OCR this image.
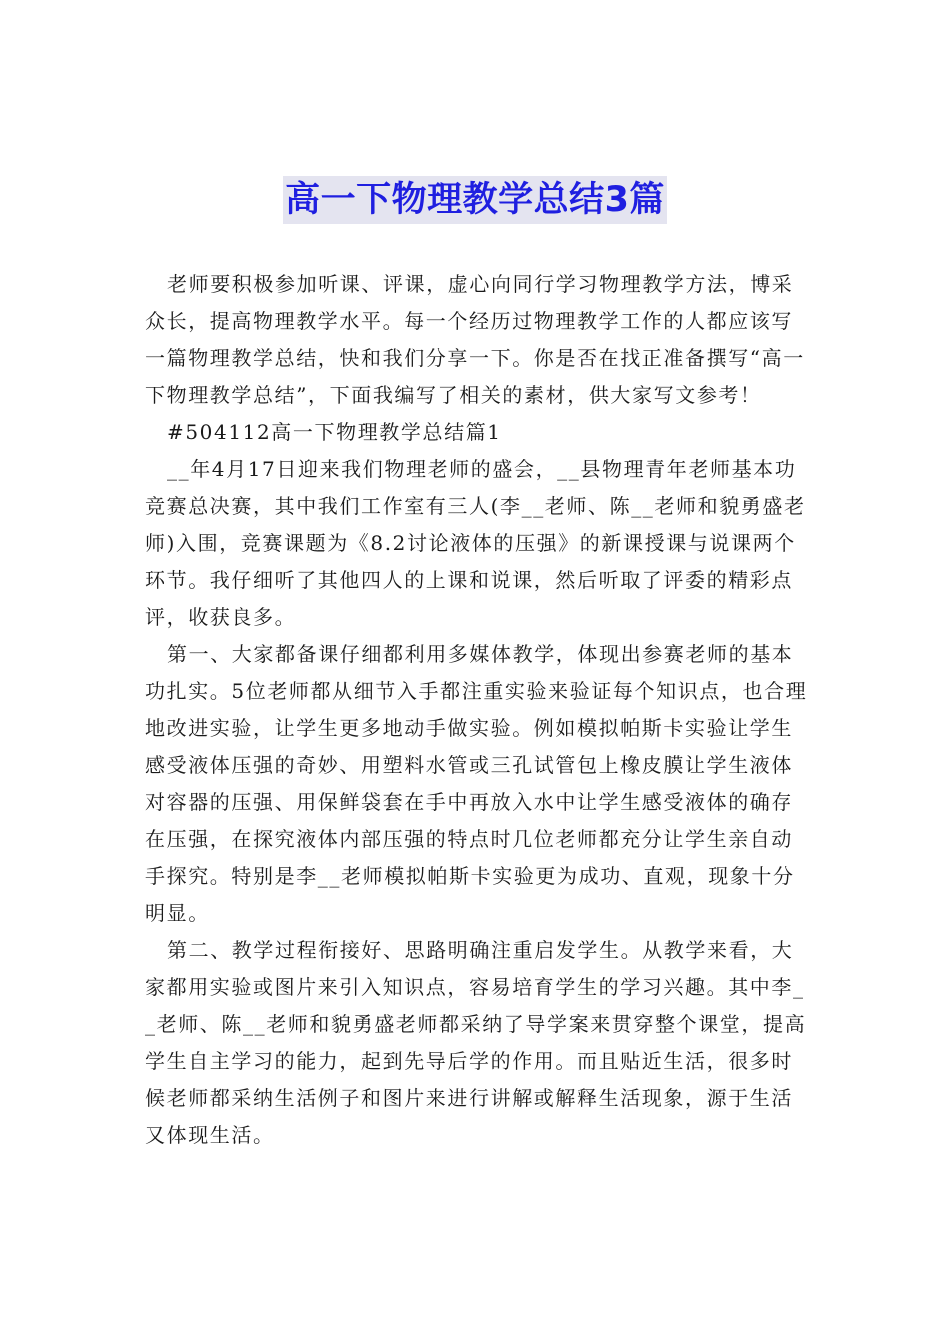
高一下物理教学总结3篇

老师要积极参加听课、评课，虚心向同行学习物理教学方法，博采众长，提高物理教学水平。每一个经历过物理教学工作的人都应该写一篇物理教学总结，快和我们分享一下。你是否在找正准备撰写“高一下物理教学总结”，下面我编写了相关的素材，供大家写文参考！

#504112高一下物理教学总结篇1

__年4月17日迎来我们物理老师的盛会，__县物理青年老师基本功竞赛总决赛，其中我们工作室有三人(李__老师、陈__老师和貌勇盛老师)入围，竞赛课题为《8.2讨论液体的压强》的新课授课与说课两个环节。我仔细听了其他四人的上课和说课，然后听取了评委的精彩点评，收获良多。

第一、大家都备课仔细都利用多媒体教学，体现出参赛老师的基本功扎实。5位老师都从细节入手都注重实验来验证每个知识点，也合理地改进实验，让学生更多地动手做实验。例如模拟帕斯卡实验让学生感受液体压强的奇妙、用塑料水管或三孔试管包上橡皮膜让学生液体对容器的压强、用保鲜袋套在手中再放入水中让学生感受液体的确存在压强，在探究液体内部压强的特点时几位老师都充分让学生亲自动手探究。特别是李__老师模拟帕斯卡实验更为成功、直观，现象十分明显。

第二、教学过程衔接好、思路明确注重启发学生。从教学来看，大家都用实验或图片来引入知识点，容易培育学生的学习兴趣。其中李__老师、陈__老师和貌勇盛老师都采纳了导学案来贯穿整个课堂，提高学生自主学习的能力，起到先导后学的作用。而且贴近生活，很多时候老师都采纳生活例子和图片来进行讲解或解释生活现象，源于生活又体现生活。
